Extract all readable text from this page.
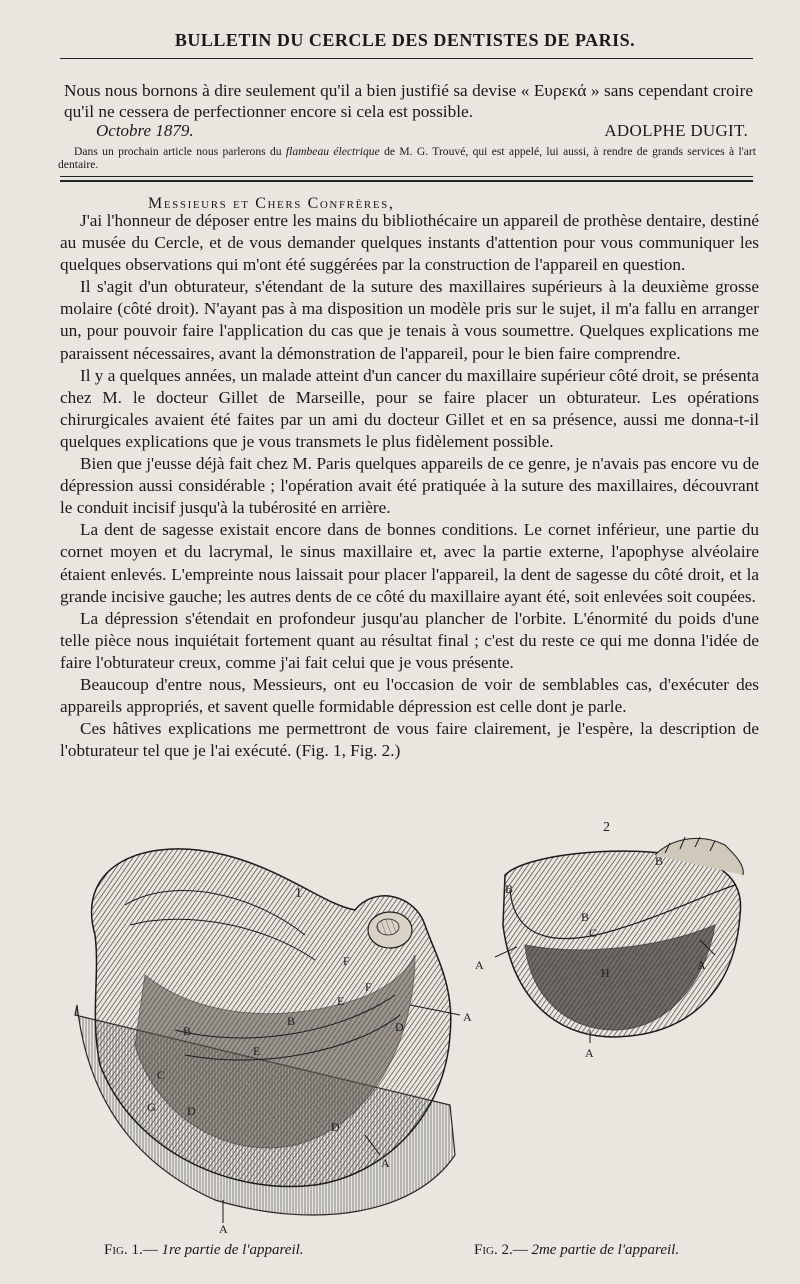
BULLETIN DU CERCLE DES DENTISTES DE PARIS.
Nous nous bornons à dire seulement qu'il a bien justifié sa devise « Ευρεκά » sans cependant croire qu'il ne cessera de perfectionner encore si cela est possible.
Octobre 1879.	ADOLPHE DUGIT.
Dans un prochain article nous parlerons du flambeau électrique de M. G. Trouvé, qui est appelé, lui aussi, à rendre de grands services à l'art dentaire.
Messieurs et Chers Confrères,

J'ai l'honneur de déposer entre les mains du bibliothécaire un appareil de prothèse dentaire, destiné au musée du Cercle, et de vous demander quelques instants d'attention pour vous communiquer les quelques observations qui m'ont été suggérées par la construction de l'appareil en question.

Il s'agit d'un obturateur, s'étendant de la suture des maxillaires supérieurs à la deuxième grosse molaire (côté droit). N'ayant pas à ma disposition un modèle pris sur le sujet, il m'a fallu en arranger un, pour pouvoir faire l'application du cas que je tenais à vous soumettre. Quelques explications me paraissent nécessaires, avant la démonstration de l'appareil, pour le bien faire comprendre.

Il y a quelques années, un malade atteint d'un cancer du maxillaire supérieur côté droit, se présenta chez M. le docteur Gillet de Marseille, pour se faire placer un obturateur. Les opérations chirurgicales avaient été faites par un ami du docteur Gillet et en sa présence, aussi me donna-t-il quelques explications que je vous transmets le plus fidèlement possible.

Bien que j'eusse déjà fait chez M. Paris quelques appareils de ce genre, je n'avais pas encore vu de dépression aussi considérable ; l'opération avait été pratiquée à la suture des maxillaires, découvrant le conduit incisif jusqu'à la tubérosité en arrière.

La dent de sagesse existait encore dans de bonnes conditions. Le cornet inférieur, une partie du cornet moyen et du lacrymal, le sinus maxillaire et, avec la partie externe, l'apophyse alvéolaire étaient enlevés. L'empreinte nous laissait pour placer l'appareil, la dent de sagesse du côté droit, et la grande incisive gauche; les autres dents de ce côté du maxillaire ayant été, soit enlevées soit coupées.

La dépression s'étendait en profondeur jusqu'au plancher de l'orbite. L'énormité du poids d'une telle pièce nous inquiétait fortement quant au résultat final ; c'est du reste ce qui me donna l'idée de faire l'obturateur creux, comme j'ai fait celui que je vous présente.

Beaucoup d'entre nous, Messieurs, ont eu l'occasion de voir de semblables cas, d'exécuter des appareils appropriés, et savent quelle formidable dépression est celle dont je parle.

Ces hâtives explications me permettront de vous faire clairement, je l'espère, la description de l'obturateur tel que je l'ai exécuté. (Fig. 1, Fig. 2.)

1
B
B
F
F
E
E
D
D
D
G
C
A
A
A
2
B
B
B
C
H
A	A
A
Fig. 1.— 1re partie de l'appareil.	Fig. 2.— 2me partie de l'appareil.
